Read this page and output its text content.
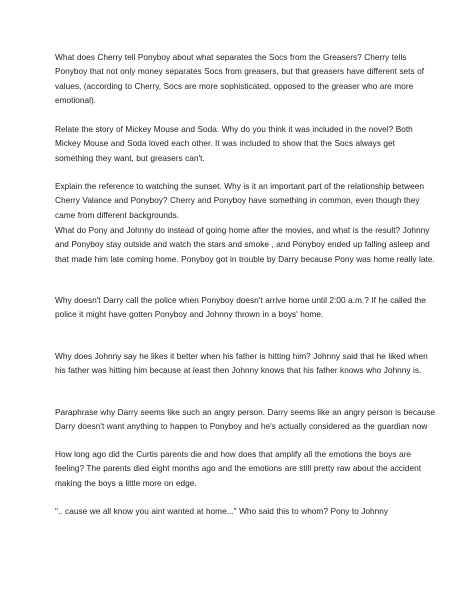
What does Cherry tell Ponyboy about what separates the Socs from the Greasers? Cherry tells Ponyboy that not only money separates Socs from greasers, but that greasers have different sets of values, (according to Cherry, Socs are more sophisticated, opposed to the greaser who are more emotional).

Relate the story of Mickey Mouse and Soda. Why do you think it was included in the novel? Both Mickey Mouse and Soda loved each other. It was included to show that the Socs always get something they want, but greasers can't.

Explain the reference to watching the sunset. Why is it an important part of the relationship between Cherry Valance and Ponyboy? Cherry and Ponyboy have something in common, even though they came from different backgrounds.

What do Pony and Johnny do instead of going home after the movies, and what is the result? Johnny and Ponyboy stay outside and watch the stars and smoke , and Ponyboy ended up falling asleep and that made him late coming home. Ponyboy got in trouble by Darry because Pony was home really late.

Why doesn't Darry call the police when Ponyboy doesn't arrive home until 2:00 a.m.? If he called the police it might have gotten Ponyboy and Johnny thrown in a boys' home.

Why does Johnny say he likes it better when his father is hitting him? Johnny said that he liked when his father was hitting him because at least then Johnny knows that his father knows who Johnny is.

Paraphrase why Darry seems like such an angry person. Darry seems like an angry person is because Darry doesn't want anything to happen to Ponyboy and he's actually considered as the guardian now

How long ago did the Curtis parents die and how does that amplify all the emotions the boys are feeling? The parents died eight months ago and the emotions are still pretty raw about the accident making the boys a little more on edge.

".. cause we all know you aint wanted at home..." Who said this to whom? Pony to Johnny
